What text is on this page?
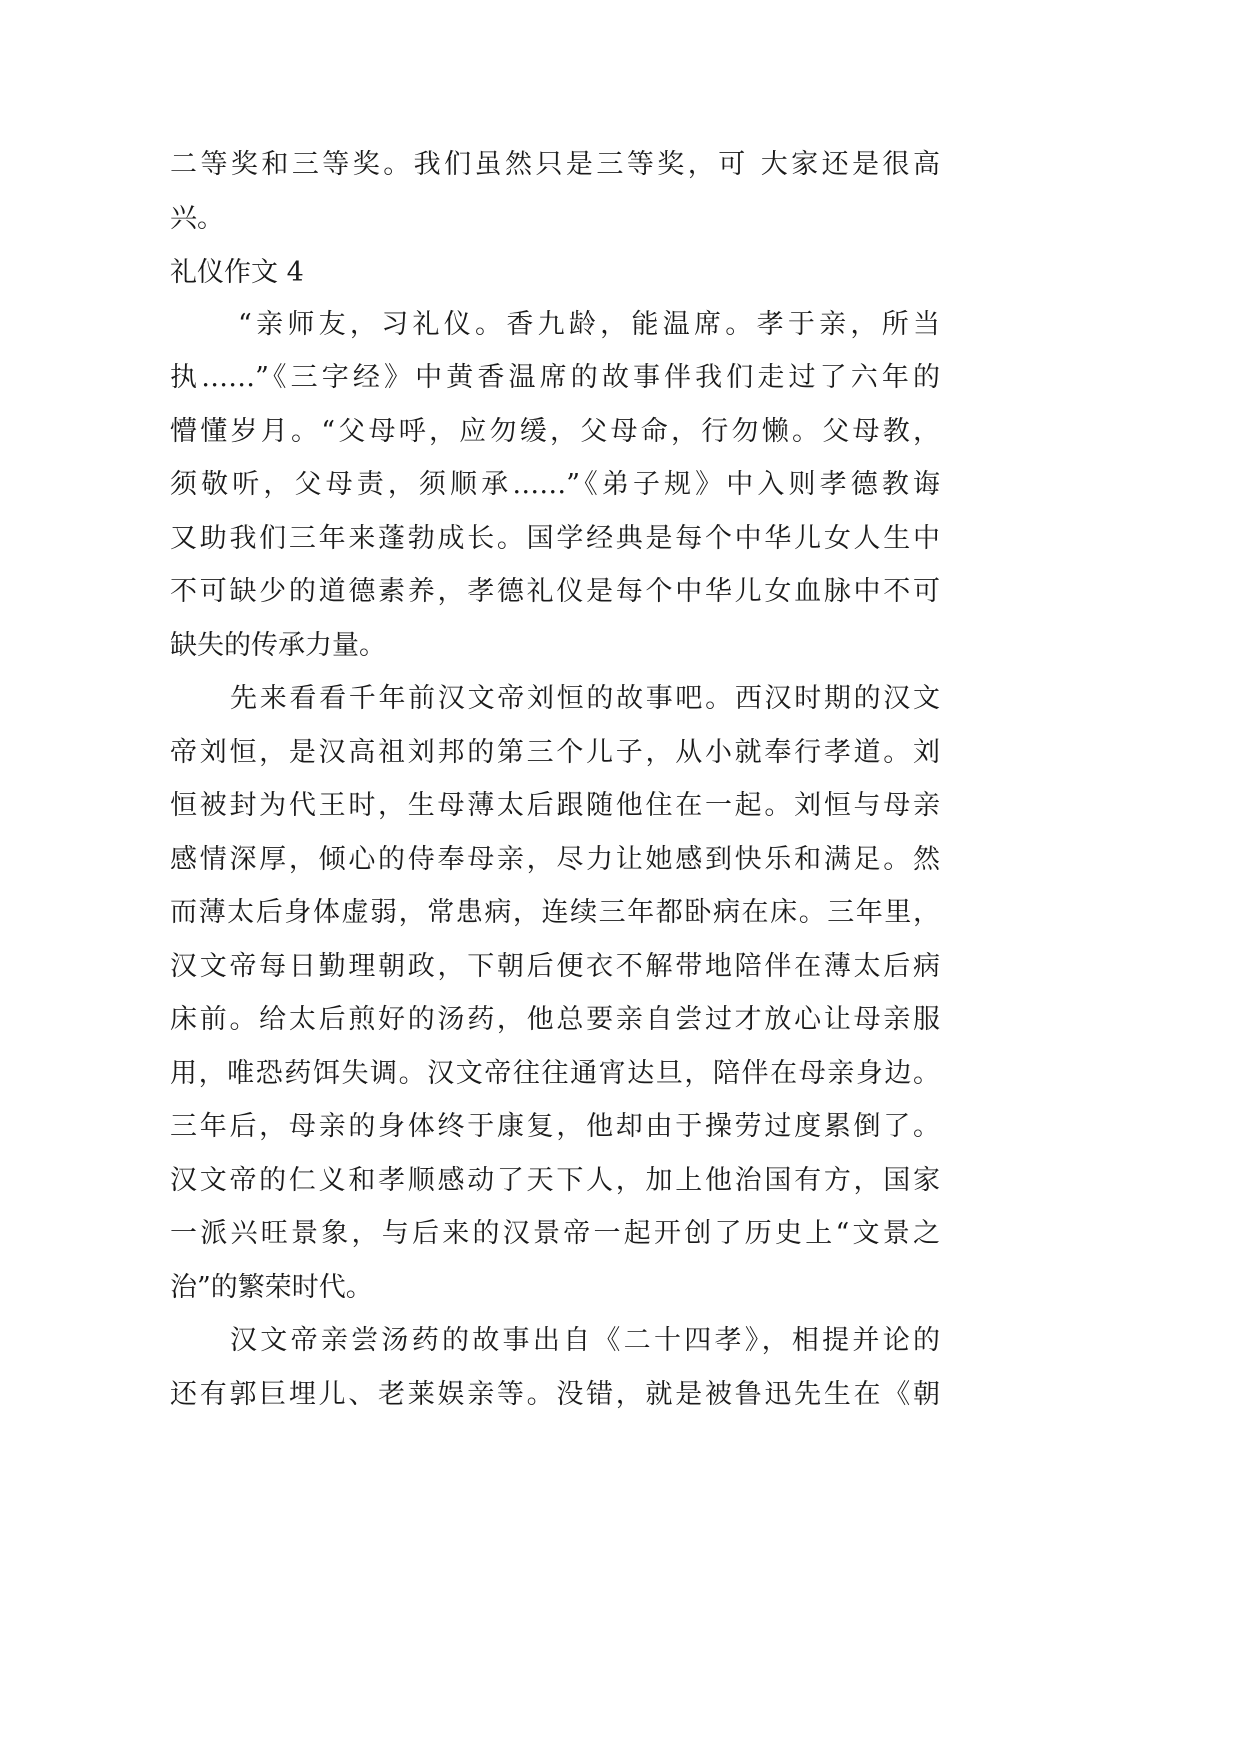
二等奖和三等奖。我们虽然只是三等奖，可 大家还是很高
兴。
礼仪作文 4
“亲师友，习礼仪。香九龄，能温席。孝于亲，所当
执……”《三字经》中黄香温席的故事伴我们走过了六年的
懵懂岁月。“父母呼，应勿缓，父母命，行勿懒。父母教，
须敬听，父母责，须顺承……”《弟子规》中入则孝德教诲
又助我们三年来蓬勃成长。国学经典是每个中华儿女人生中
不可缺少的道德素养，孝德礼仪是每个中华儿女血脉中不可
缺失的传承力量。
先来看看千年前汉文帝刘恒的故事吧。西汉时期的汉文
帝刘恒，是汉高祖刘邦的第三个儿子，从小就奉行孝道。刘
恒被封为代王时，生母薄太后跟随他住在一起。刘恒与母亲
感情深厚，倾心的侍奉母亲，尽力让她感到快乐和满足。然
而薄太后身体虚弱，常患病，连续三年都卧病在床。三年里，
汉文帝每日勤理朝政，下朝后便衣不解带地陪伴在薄太后病
床前。给太后煎好的汤药，他总要亲自尝过才放心让母亲服
用，唯恐药饵失调。汉文帝往往通宵达旦，陪伴在母亲身边。
三年后，母亲的身体终于康复，他却由于操劳过度累倒了。
汉文帝的仁义和孝顺感动了天下人，加上他治国有方，国家
一派兴旺景象，与后来的汉景帝一起开创了历史上“文景之
治”的繁荣时代。
汉文帝亲尝汤药的故事出自《二十四孝》，相提并论的
还有郭巨埋儿、老莱娱亲等。没错，就是被鲁迅先生在《朝
